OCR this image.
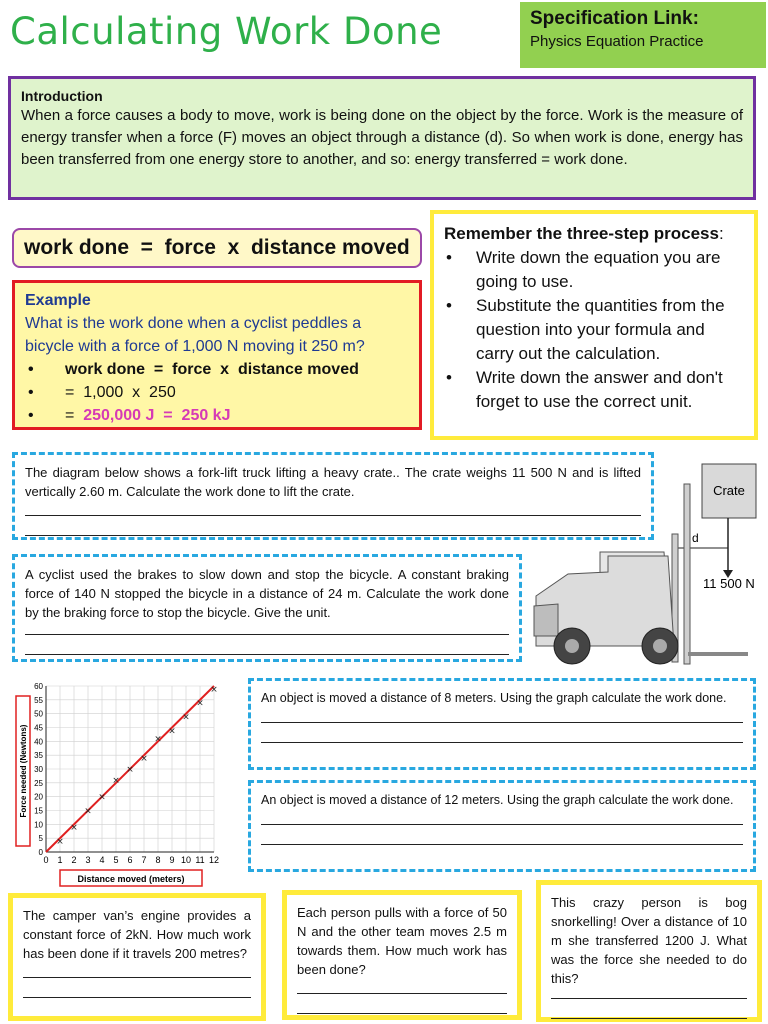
Calculating Work Done	Specification Link:
Physics Equation Practice
Introduction
When a force causes a body to move, work is being done on the object by the force. Work is the measure of energy transfer when a force (F) moves an object through a distance (d). So when work is done, energy has been transferred from one energy store to another, and so: energy transferred = work done.
work done  =  force  x  distance moved
Example
What is the work done when a cyclist peddles a bicycle with a force of 1,000 N moving it 250 m?
• work done  =  force  x  distance moved
• =  1,000  x  250
• =  250,000 J  =  250 kJ
Remember the three-step process:
• Write down the equation you are going to use.
• Substitute the quantities from the question into your formula and carry out the calculation.
• Write down the answer and don't forget to use the correct unit.
The diagram below shows a fork-lift truck lifting a heavy crate.. The crate weighs 11 500 N and is lifted vertically 2.60 m. Calculate the work done to lift the crate.
A cyclist used the brakes to slow down and stop the bicycle. A constant braking force of 140 N stopped the bicycle in a distance of 24 m. Calculate the work done by the braking force to stop the bicycle. Give the unit.
Crate
d
11 500 N
0 1 2 3 4 5 6 7 8 9 10 11 12
0
5
10
15
20
25
30
35
40
45
50
55
60
×
×
×
×
×
×
×
×
×
×
×
×
Distance moved (meters)
Force needed (Newtons)
An object is moved a distance of 8 meters. Using the graph calculate the work done.
An object is moved a distance of 12 meters. Using the graph calculate the work done.
The camper van’s engine provides a constant force of 2kN. How much work has been done if it travels 200 metres?
Each person pulls with a force of 50 N and the other team moves 2.5 m towards them. How much work has been done?
This crazy person is bog snorkelling! Over a distance of 10 m she transferred 1200 J. What was the force she needed to do this?
